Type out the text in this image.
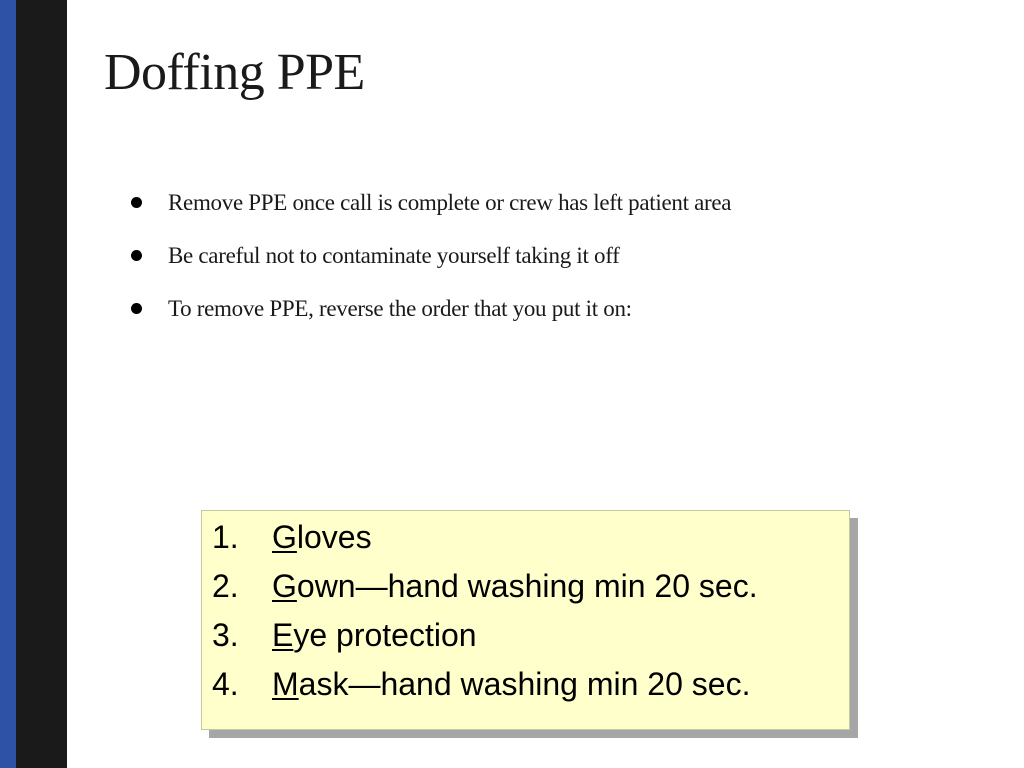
Doffing PPE
Remove PPE once call is complete or crew has left patient area
Be careful not to contaminate yourself taking it off
To remove PPE, reverse the order that you put it on:
1. Gloves
2. Gown—hand washing min 20 sec.
3. Eye protection
4. Mask—hand washing min 20 sec.
